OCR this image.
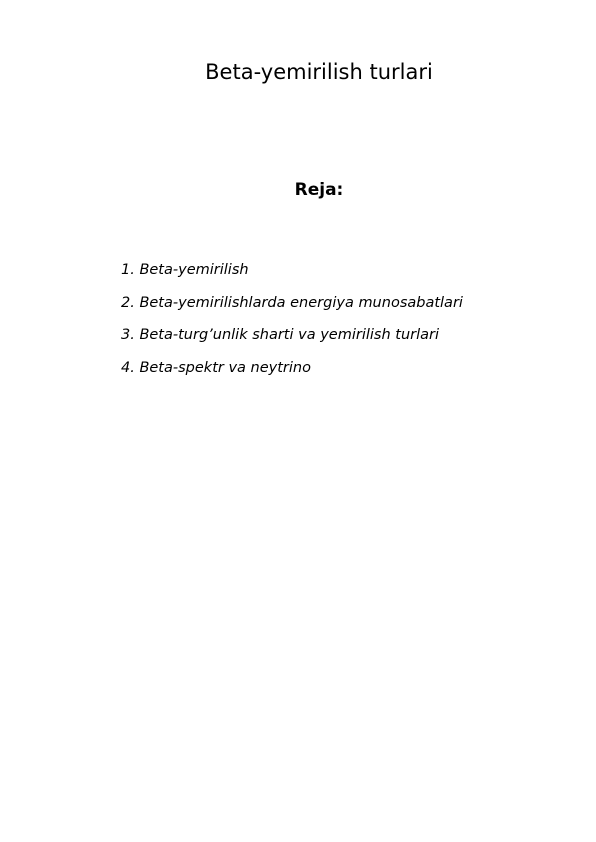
Beta-yemirilish turlari
Reja:
1. Beta-yemirilish
2. Beta-yemirilishlarda energiya munosabatlari
3. Beta-turg’unlik sharti va yemirilish turlari
4. Beta-spektr va neytrino
